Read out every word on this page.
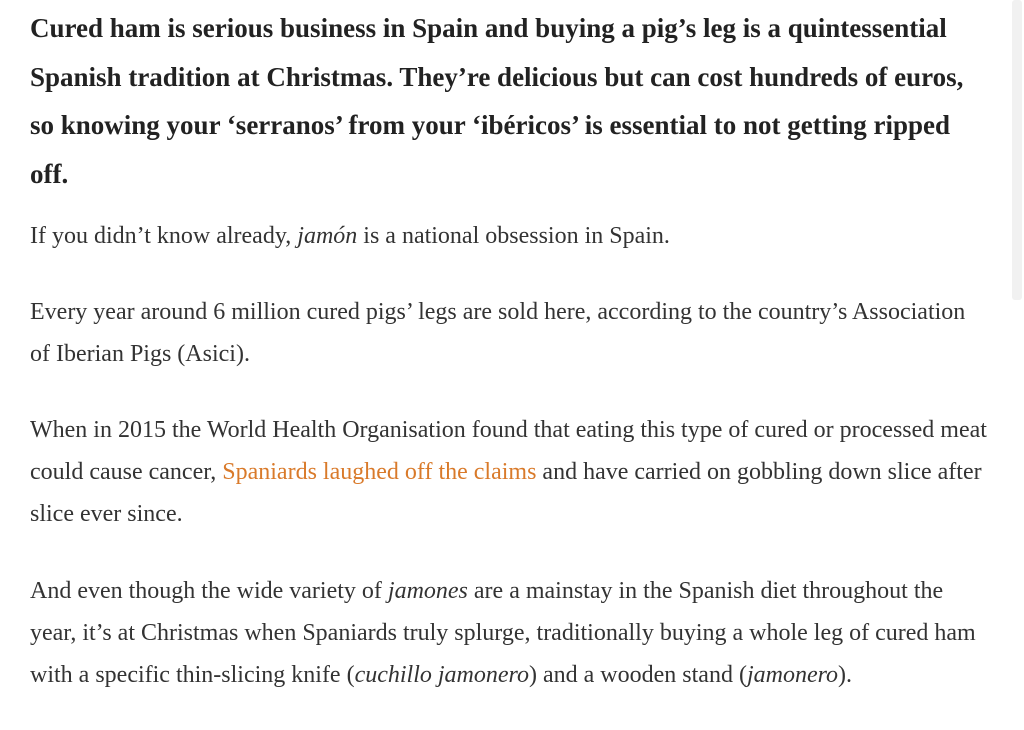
Cured ham is serious business in Spain and buying a pig’s leg is a quintessential Spanish tradition at Christmas. They’re delicious but can cost hundreds of euros, so knowing your ‘serranos’ from your ‘ibéricos’ is essential to not getting ripped off.

If you didn’t know already, jamón is a national obsession in Spain.

Every year around 6 million cured pigs’ legs are sold here, according to the country’s Association of Iberian Pigs (Asici).

When in 2015 the World Health Organisation found that eating this type of cured or processed meat could cause cancer, Spaniards laughed off the claims and have carried on gobbling down slice after slice ever since.

And even though the wide variety of jamones are a mainstay in the Spanish diet throughout the year, it’s at Christmas when Spaniards truly splurge, traditionally buying a whole leg of cured ham with a specific thin-slicing knife (cuchillo jamonero) and a wooden stand (jamonero).
